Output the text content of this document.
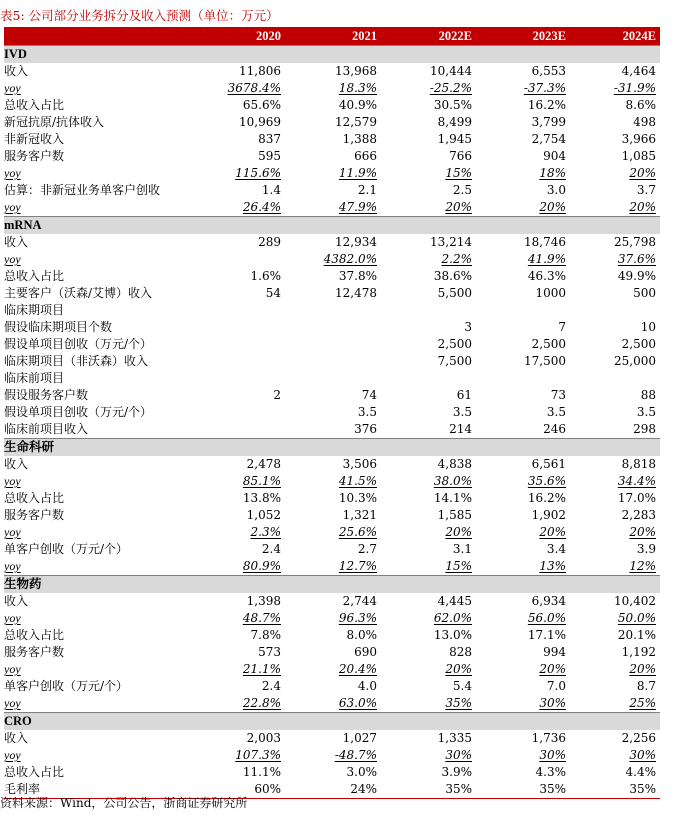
表5: 公司部分业务拆分及收入预测（单位：万元）
	2020	2021	2022E	2023E	2024E
IVD					
收入	11,806	13,968	10,444	6,553	4,464
yoy	3678.4%	18.3%	-25.2%	-37.3%	-31.9%
总收入占比	65.6%	40.9%	30.5%	16.2%	8.6%
新冠抗原/抗体收入	10,969	12,579	8,499	3,799	498
非新冠收入	837	1,388	1,945	2,754	3,966
服务客户数	595	666	766	904	1,085
yoy	115.6%	11.9%	15%	18%	20%
估算：非新冠业务单客户创收	1.4	2.1	2.5	3.0	3.7
yoy	26.4%	47.9%	20%	20%	20%
mRNA					
收入	289	12,934	13,214	18,746	25,798
yoy		4382.0%	2.2%	41.9%	37.6%
总收入占比	1.6%	37.8%	38.6%	46.3%	49.9%
主要客户（沃森/艾博）收入	54	12,478	5,500	1000	500
临床期项目					
假设临床期项目个数			3	7	10
假设单项目创收（万元/个）			2,500	2,500	2,500
临床期项目（非沃森）收入			7,500	17,500	25,000
临床前项目					
假设服务客户数	2	74	61	73	88
假设单项目创收（万元/个）		3.5	3.5	3.5	3.5
临床前项目收入		376	214	246	298
生命科研					
收入	2,478	3,506	4,838	6,561	8,818
yoy	85.1%	41.5%	38.0%	35.6%	34.4%
总收入占比	13.8%	10.3%	14.1%	16.2%	17.0%
服务客户数	1,052	1,321	1,585	1,902	2,283
yoy	2.3%	25.6%	20%	20%	20%
单客户创收（万元/个）	2.4	2.7	3.1	3.4	3.9
yoy	80.9%	12.7%	15%	13%	12%
生物药					
收入	1,398	2,744	4,445	6,934	10,402
yoy	48.7%	96.3%	62.0%	56.0%	50.0%
总收入占比	7.8%	8.0%	13.0%	17.1%	20.1%
服务客户数	573	690	828	994	1,192
yoy	21.1%	20.4%	20%	20%	20%
单客户创收（万元/个）	2.4	4.0	5.4	7.0	8.7
yoy	22.8%	63.0%	35%	30%	25%
CRO					
收入	2,003	1,027	1,335	1,736	2,256
yoy	107.3%	-48.7%	30%	30%	30%
总收入占比	11.1%	3.0%	3.9%	4.3%	4.4%
毛利率	60%	24%	35%	35%	35%
资料来源：Wind，公司公告，浙商证券研究所
